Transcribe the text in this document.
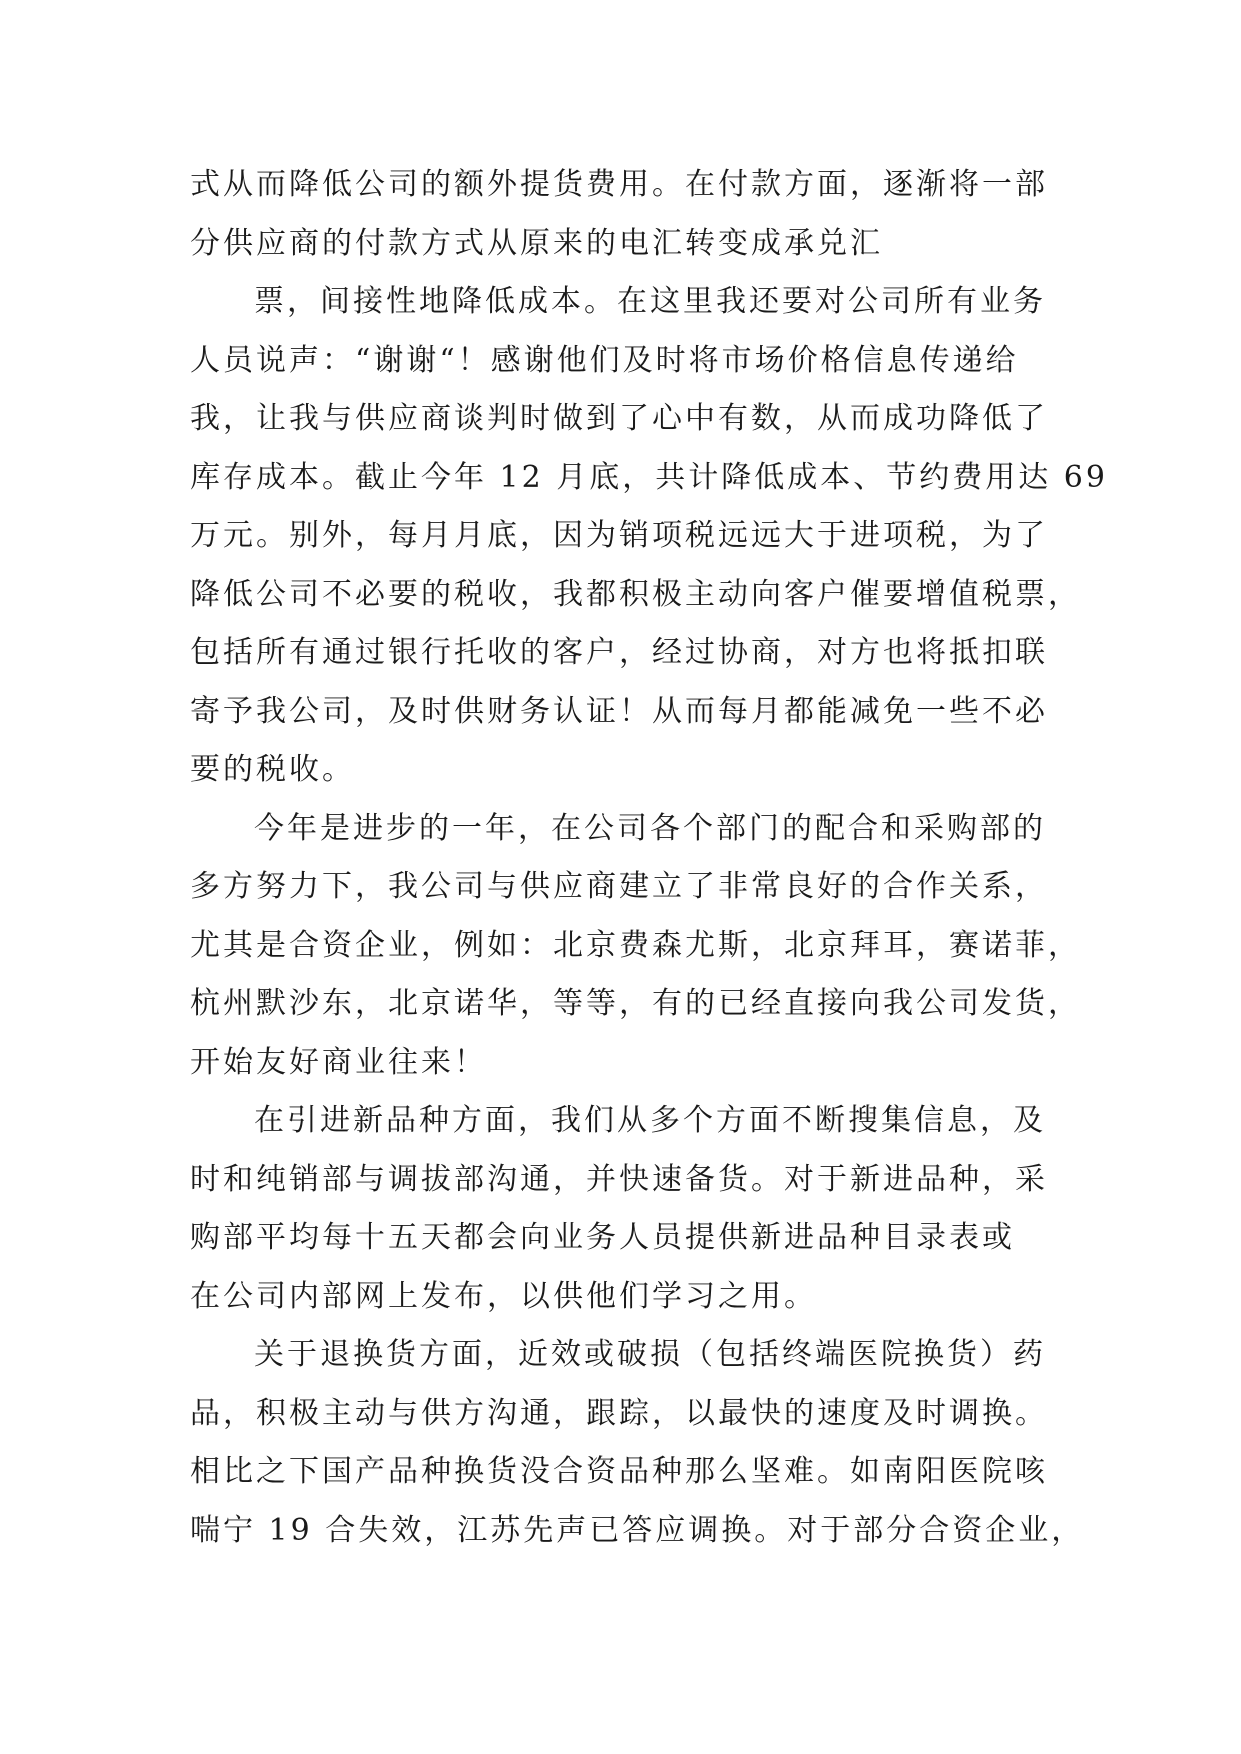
式从而降低公司的额外提货费用。在付款方面，逐渐将一部
分供应商的付款方式从原来的电汇转变成承兑汇
票，间接性地降低成本。在这里我还要对公司所有业务
人员说声：“谢谢“！感谢他们及时将市场价格信息传递给
我，让我与供应商谈判时做到了心中有数，从而成功降低了
库存成本。截止今年 12 月底，共计降低成本、节约费用达 69
万元。别外，每月月底，因为销项税远远大于进项税，为了
降低公司不必要的税收，我都积极主动向客户催要增值税票，
包括所有通过银行托收的客户，经过协商，对方也将抵扣联
寄予我公司，及时供财务认证！从而每月都能减免一些不必
要的税收。
今年是进步的一年，在公司各个部门的配合和采购部的
多方努力下，我公司与供应商建立了非常良好的合作关系，
尤其是合资企业，例如：北京费森尤斯，北京拜耳，赛诺菲，
杭州默沙东，北京诺华，等等，有的已经直接向我公司发货，
开始友好商业往来！
在引进新品种方面，我们从多个方面不断搜集信息，及
时和纯销部与调拔部沟通，并快速备货。对于新进品种，采
购部平均每十五天都会向业务人员提供新进品种目录表或
在公司内部网上发布，以供他们学习之用。
关于退换货方面，近效或破损（包括终端医院换货）药
品，积极主动与供方沟通，跟踪，以最快的速度及时调换。
相比之下国产品种换货没合资品种那么坚难。如南阳医院咳
喘宁 19 合失效，江苏先声已答应调换。对于部分合资企业，
